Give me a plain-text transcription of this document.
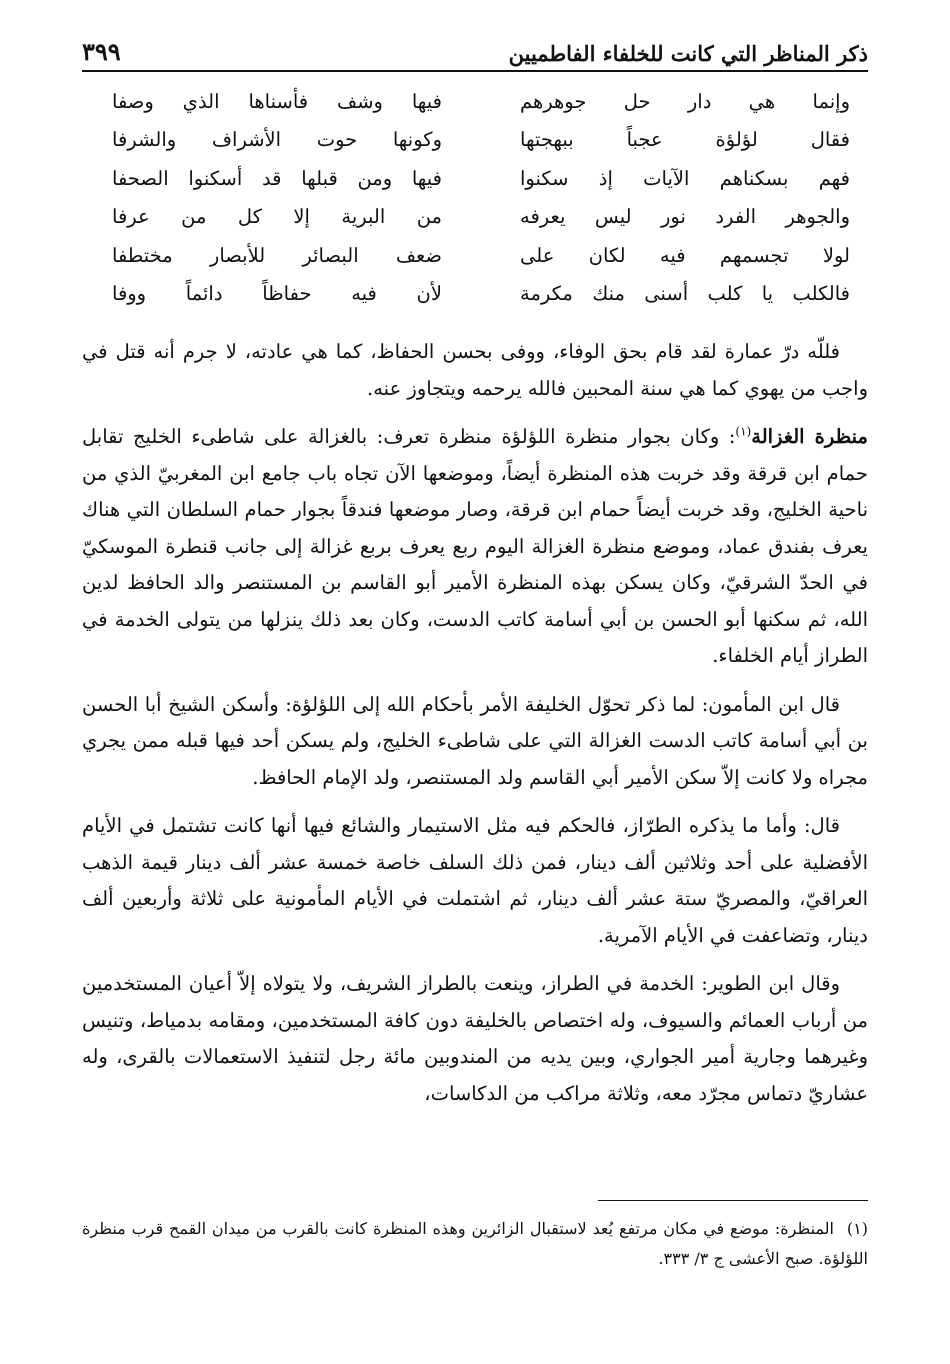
ذكر المناظر التي كانت للخلفاء الفاطميين
٣٩٩
وإنما هي دار حل جوهرهم
فيها وشف فأسناها الذي وصفا
فقال لؤلؤة عجباً ببهجتها
وكونها حوت الأشراف والشرفا
فهم بسكناهم الآيات إذ سكنوا
فيها ومن قبلها قد أسكنوا الصحفا
والجوهر الفرد نور ليس يعرفه
من البرية إلا كل من عرفا
لولا تجسمهم فيه لكان على
ضعف البصائر للأبصار مختطفا
فالكلب يا كلب أسنى منك مكرمة
لأن فيه حفاظاً دائماً ووفا

فللّه درّ عمارة لقد قام بحق الوفاء، ووفى بحسن الحفاظ، كما هي عادته، لا جرم أنه قتل في واجب من يهوي كما هي سنة المحبين فالله يرحمه ويتجاوز عنه.

منظرة الغزالة$^{(١)}$: وكان بجوار منظرة اللؤلؤة منظرة تعرف: بالغزالة على شاطىء الخليج تقابل حمام ابن قرقة وقد خربت هذه المنظرة أيضاً، وموضعها الآن تجاه باب جامع ابن المغربيّ الذي من ناحية الخليج، وقد خربت أيضاً حمام ابن قرقة، وصار موضعها فندقاً بجوار حمام السلطان التي هناك يعرف بفندق عماد، وموضع منظرة الغزالة اليوم ربع يعرف بربع غزالة إلى جانب قنطرة الموسكيّ في الحدّ الشرقيّ، وكان يسكن بهذه المنظرة الأمير أبو القاسم بن المستنصر والد الحافظ لدين الله، ثم سكنها أبو الحسن بن أبي أسامة كاتب الدست، وكان بعد ذلك ينزلها من يتولى الخدمة في الطراز أيام الخلفاء.

قال ابن المأمون: لما ذكر تحوّل الخليفة الأمر بأحكام الله إلى اللؤلؤة: وأسكن الشيخ أبا الحسن بن أبي أسامة كاتب الدست الغزالة التي على شاطىء الخليج، ولم يسكن أحد فيها قبله ممن يجري مجراه ولا كانت إلاّ سكن الأمير أبي القاسم ولد المستنصر، ولد الإمام الحافظ.

قال: وأما ما يذكره الطرّاز، فالحكم فيه مثل الاستيمار والشائع فيها أنها كانت تشتمل في الأيام الأفضلية على أحد وثلاثين ألف دينار، فمن ذلك السلف خاصة خمسة عشر ألف دينار قيمة الذهب العراقيّ، والمصريّ ستة عشر ألف دينار، ثم اشتملت في الأيام المأمونية على ثلاثة وأربعين ألف دينار، وتضاعفت في الأيام الآمرية.

وقال ابن الطوير: الخدمة في الطراز، وينعت بالطراز الشريف، ولا يتولاه إلاّ أعيان المستخدمين من أرباب العمائم والسيوف، وله اختصاص بالخليفة دون كافة المستخدمين، ومقامه بدمياط، وتنيس وغيرهما وجارية أمير الجواري، وبين يديه من المندوبين مائة رجل لتنفيذ الاستعمالات بالقرى، وله عشاريّ دتماس مجرّد معه، وثلاثة مراكب من الدكاسات،

(١)المنظرة: موضع في مكان مرتفع يُعد لاستقبال الزائرين وهذه المنظرة كانت بالقرب من ميدان القمح قرب منظرة اللؤلؤة. صبح الأعشى ج ٣/ ٣٣٣.
